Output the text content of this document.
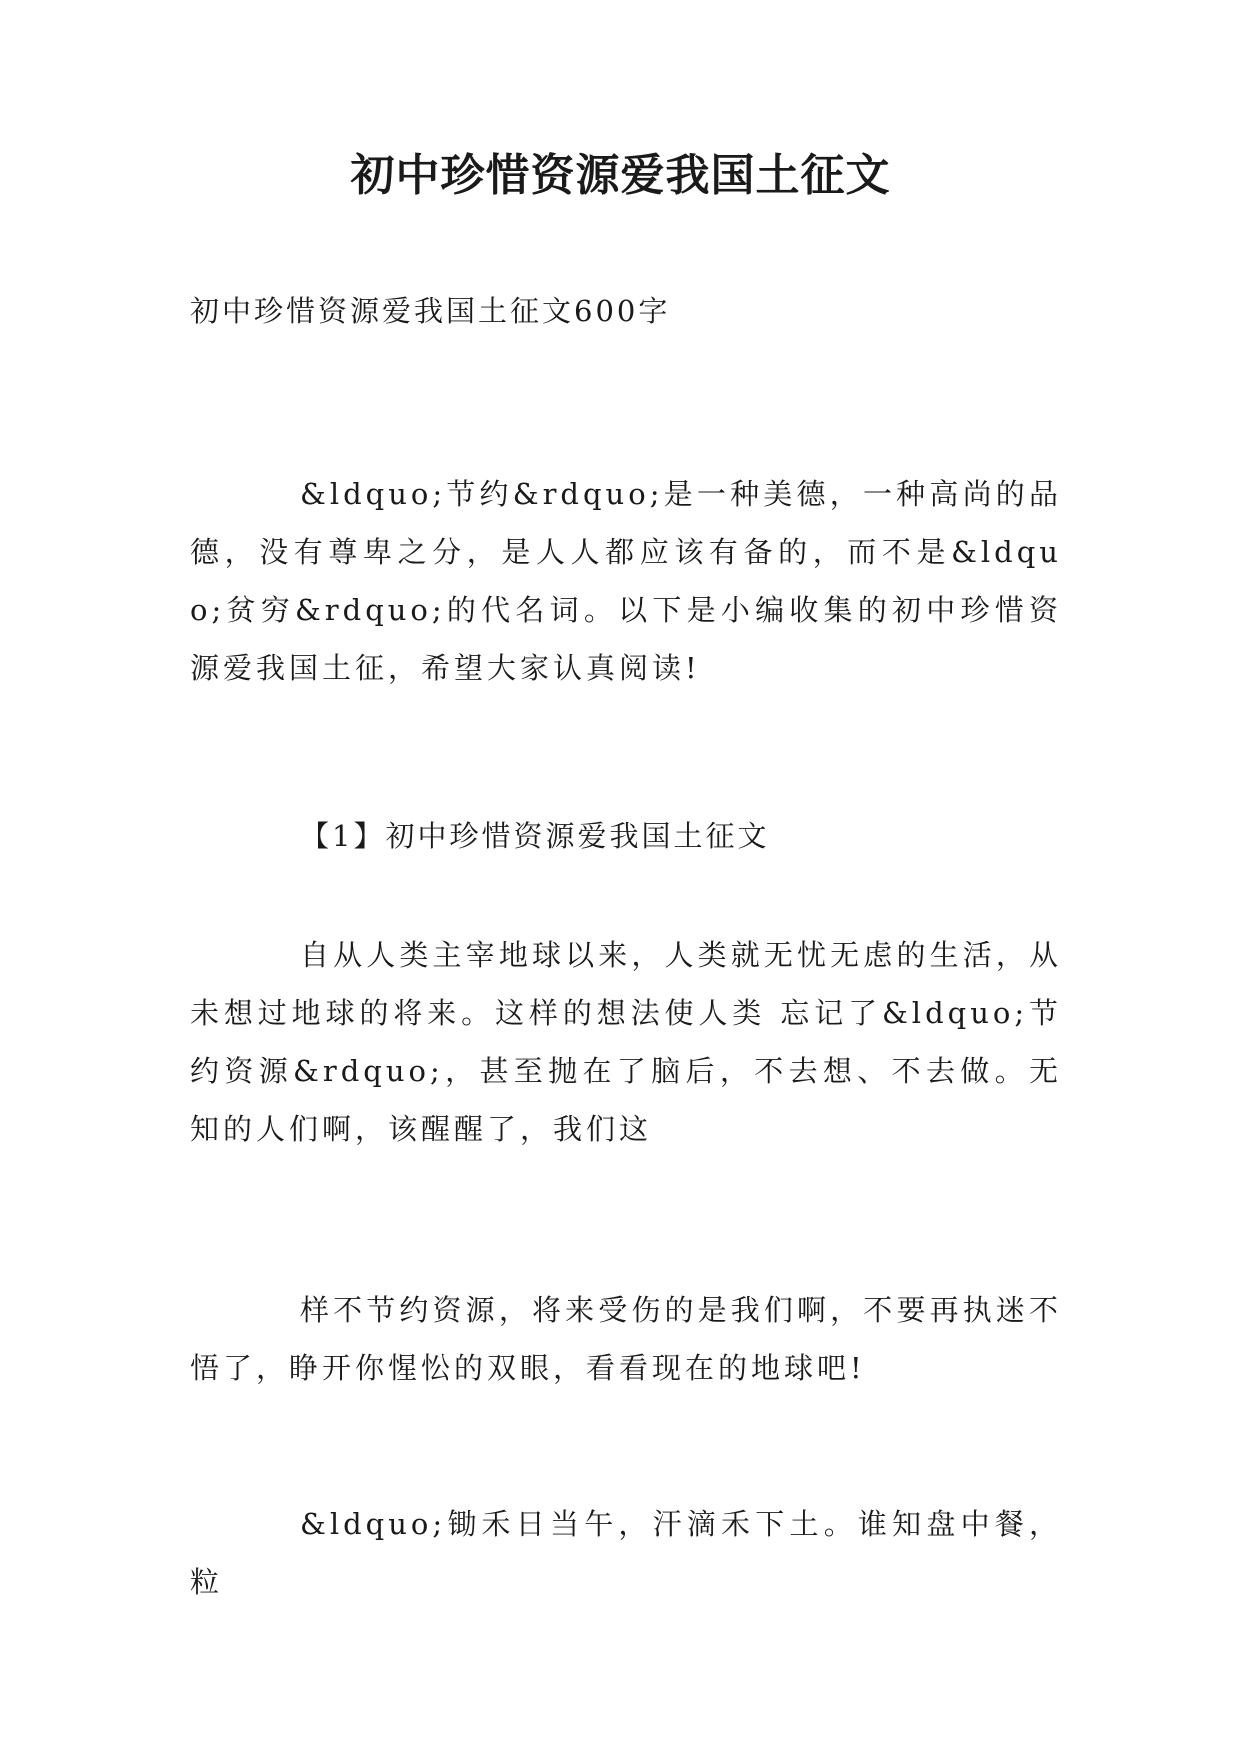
初中珍惜资源爱我国土征文
初中珍惜资源爱我国土征文600字
&ldquo;节约&rdquo;是一种美德，一种高尚的品德，没有尊卑之分，是人人都应该有备的，而不是&ldquo;贫穷&rdquo;的代名词。以下是小编收集的初中珍惜资源爱我国土征，希望大家认真阅读!
【1】初中珍惜资源爱我国土征文
自从人类主宰地球以来，人类就无忧无虑的生活，从未想过地球的将来。这样的想法使人类 忘记了&ldquo;节约资源&rdquo;，甚至抛在了脑后，不去想、不去做。无知的人们啊，该醒醒了，我们这
样不节约资源，将来受伤的是我们啊，不要再执迷不悟了，睁开你惺忪的双眼，看看现在的地球吧!
&ldquo;锄禾日当午，汗滴禾下土。谁知盘中餐，粒
